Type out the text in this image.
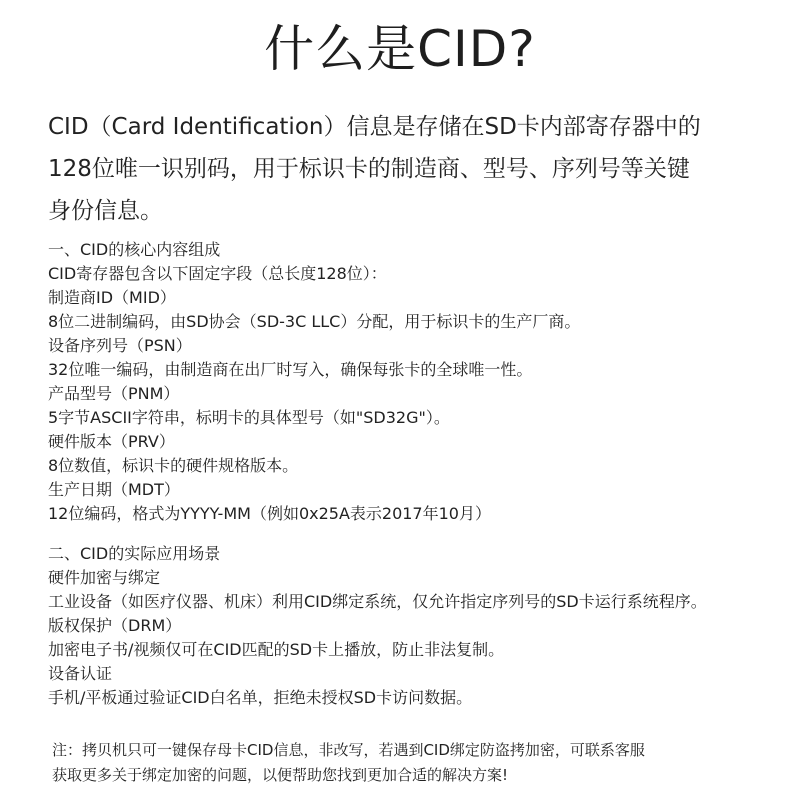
什么是CID?
CID（Card Identification）信息是存储在SD卡内部寄存器中的
128位唯一识别码，用于标识卡的制造商、型号、序列号等关键
身份信息。
一、CID的核心内容组成
CID寄存器包含以下固定字段（总长度128位）：
制造商ID（MID）
8位二进制编码，由SD协会（SD-3C LLC）分配，用于标识卡的生产厂商。
设备序列号（PSN）
32位唯一编码，由制造商在出厂时写入，确保每张卡的全球唯一性。
产品型号（PNM）
5字节ASCII字符串，标明卡的具体型号（如"SD32G"）。
硬件版本（PRV）
8位数值，标识卡的硬件规格版本。
生产日期（MDT）
12位编码，格式为YYYY-MM（例如0x25A表示2017年10月）
二、CID的实际应用场景
硬件加密与绑定
工业设备（如医疗仪器、机床）利用CID绑定系统，仅允许指定序列号的SD卡运行系统程序。
版权保护（DRM）
加密电子书/视频仅可在CID匹配的SD卡上播放，防止非法复制。
设备认证
手机/平板通过验证CID白名单，拒绝未授权SD卡访问数据。
注：拷贝机只可一键保存母卡CID信息，非改写，若遇到CID绑定防盗拷加密，可联系客服
获取更多关于绑定加密的问题，以便帮助您找到更加合适的解决方案!
